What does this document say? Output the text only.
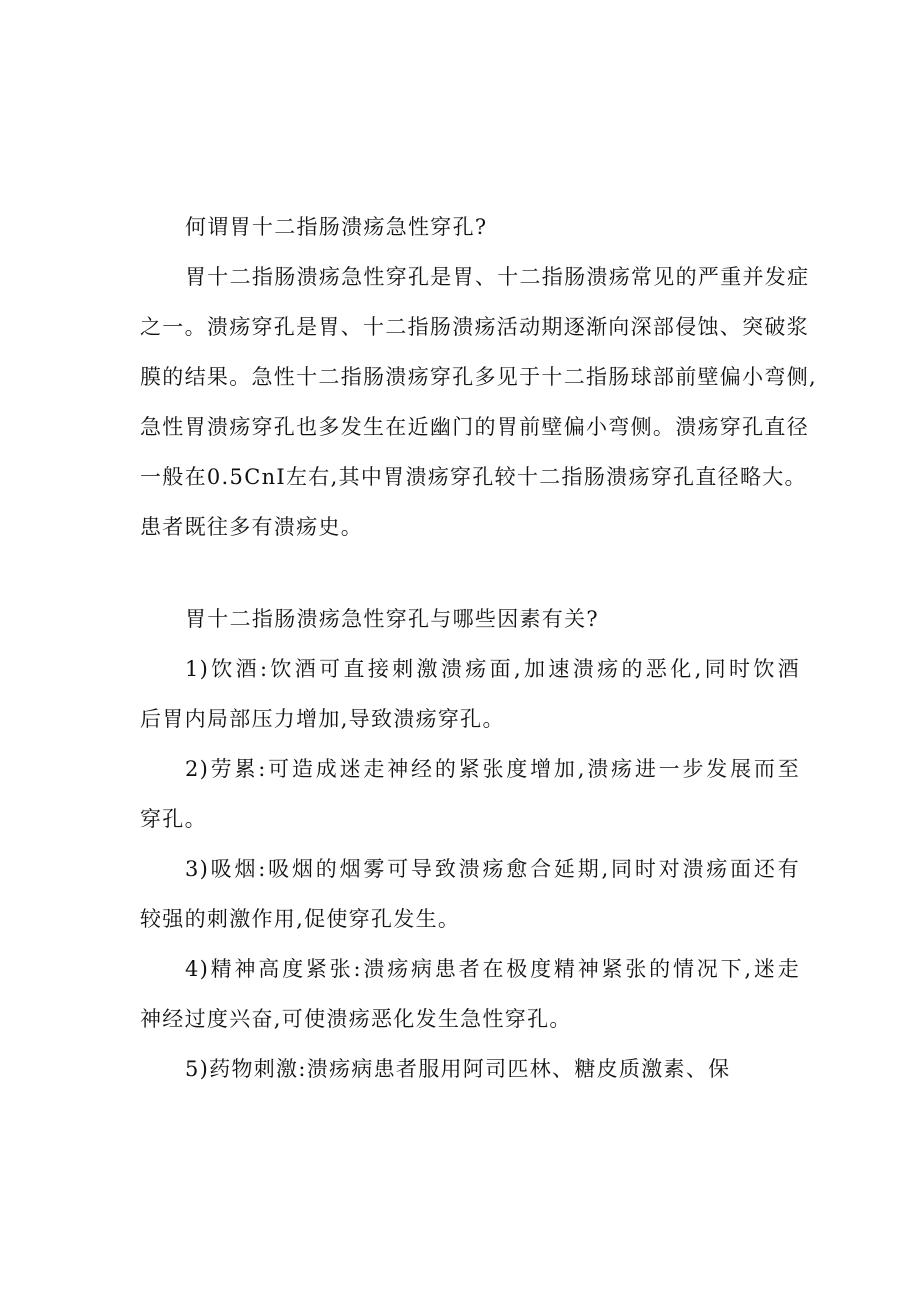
何谓胃十二指肠溃疡急性穿孔?

胃十二指肠溃疡急性穿孔是胃、十二指肠溃疡常见的严重并发症

之一。溃疡穿孔是胃、十二指肠溃疡活动期逐渐向深部侵蚀、突破浆

膜的结果。急性十二指肠溃疡穿孔多见于十二指肠球部前壁偏小弯侧,

急性胃溃疡穿孔也多发生在近幽门的胃前壁偏小弯侧。溃疡穿孔直径

一般在0.5CnI左右,其中胃溃疡穿孔较十二指肠溃疡穿孔直径略大。

患者既往多有溃疡史。

胃十二指肠溃疡急性穿孔与哪些因素有关?

1)饮酒:饮酒可直接刺激溃疡面,加速溃疡的恶化,同时饮酒

后胃内局部压力增加,导致溃疡穿孔。

2)劳累:可造成迷走神经的紧张度增加,溃疡进一步发展而至

穿孔。

3)吸烟:吸烟的烟雾可导致溃疡愈合延期,同时对溃疡面还有

较强的刺激作用,促使穿孔发生。

4)精神高度紧张:溃疡病患者在极度精神紧张的情况下,迷走

神经过度兴奋,可使溃疡恶化发生急性穿孔。

5)药物刺激:溃疡病患者服用阿司匹林、糖皮质激素、保
